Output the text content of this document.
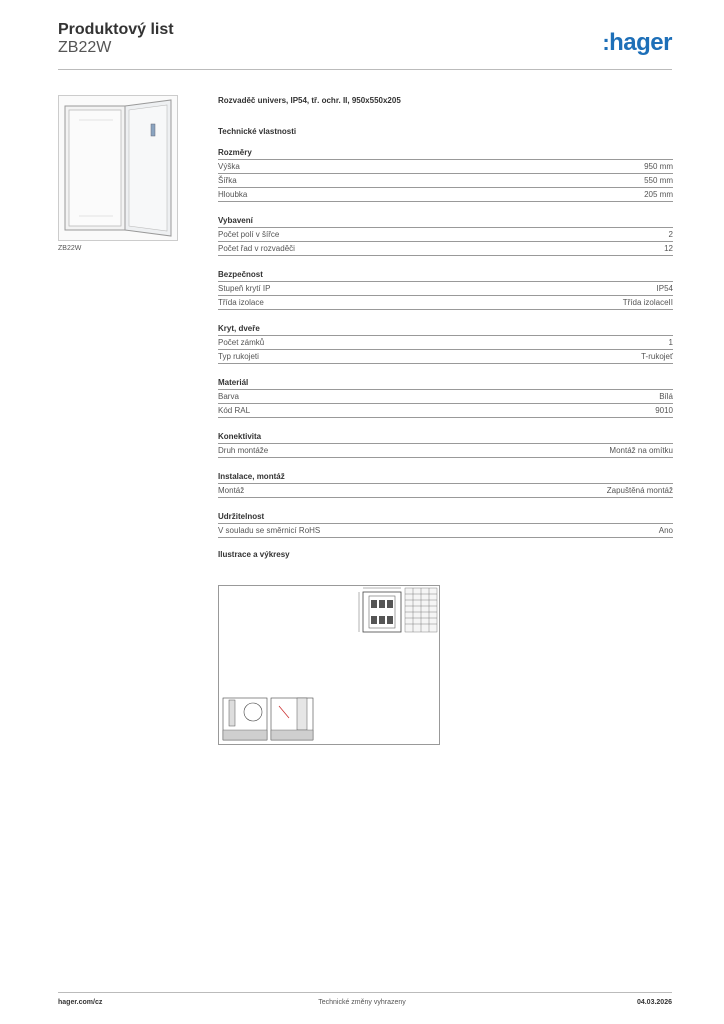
Produktový list
ZB22W	:hager
ZB22W
Rozvaděč univers, IP54, tř. ochr. II, 950x550x205
Technické vlastnosti
Rozměry
Výška	950 mm
Šířka	550 mm
Hloubka	205 mm
Vybavení
Počet polí v šířce	2
Počet řad v rozvaděči	12
Bezpečnost
Stupeň krytí IP	IP54
Třída izolace	Třída izolaceII
Kryt, dveře
Počet zámků	1
Typ rukojeti	T-rukojeť
Materiál
Barva	Bílá
Kód RAL	9010
Konektivita
Druh montáže	Montáž na omítku
Instalace, montáž
Montáž	Zapuštěná montáž
Udržitelnost
V souladu se směrnicí RoHS	Ano
Ilustrace a výkresy
hager.com/cz	Technické změny vyhrazeny	04.03.2026
